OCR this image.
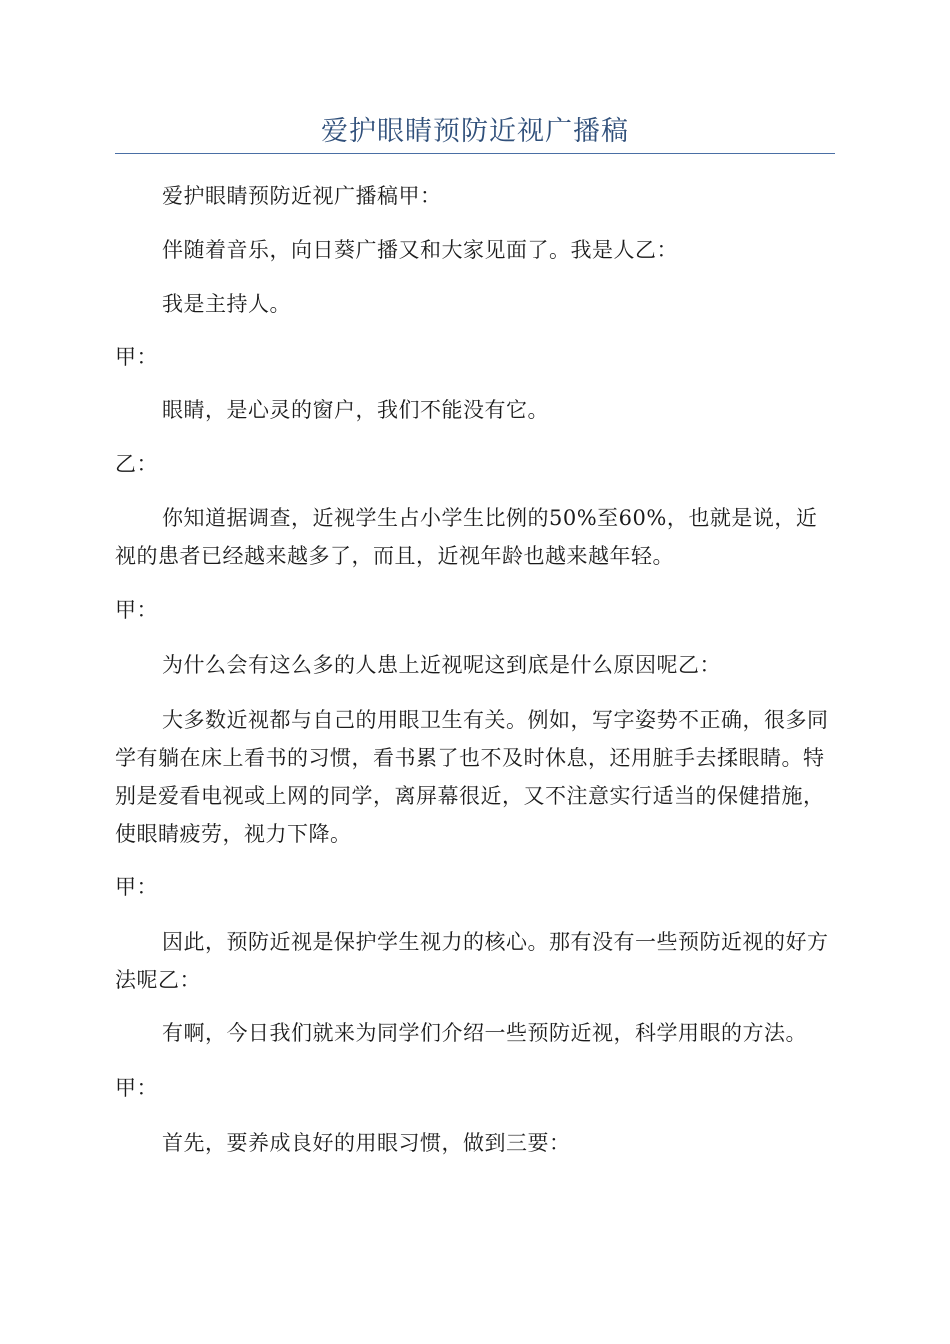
爱护眼睛预防近视广播稿

爱护眼睛预防近视广播稿甲：

伴随着音乐，向日葵广播又和大家见面了。我是人乙：

我是主持人。

甲：

眼睛，是心灵的窗户，我们不能没有它。

乙：

你知道据调查，近视学生占小学生比例的50%至60%，也就是说，近视的患者已经越来越多了，而且，近视年龄也越来越年轻。

甲：

为什么会有这么多的人患上近视呢这到底是什么原因呢乙：

大多数近视都与自己的用眼卫生有关。例如，写字姿势不正确，很多同学有躺在床上看书的习惯，看书累了也不及时休息，还用脏手去揉眼睛。特别是爱看电视或上网的同学，离屏幕很近，又不注意实行适当的保健措施，使眼睛疲劳，视力下降。

甲：

因此，预防近视是保护学生视力的核心。那有没有一些预防近视的好方法呢乙：

有啊，今日我们就来为同学们介绍一些预防近视，科学用眼的方法。

甲：

首先，要养成良好的用眼习惯，做到三要：
